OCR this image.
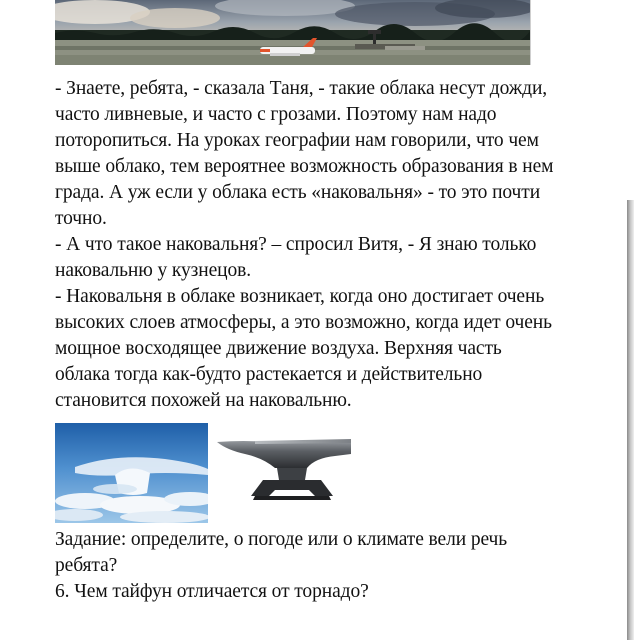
- Знаете, ребята, - сказала Таня, - такие облака несут дожди,
часто ливневые, и часто с грозами. Поэтому нам надо
поторопиться. На уроках географии нам говорили, что чем
выше облако, тем вероятнее возможность образования в нем
града. А уж если у облака есть «наковальня» - то это почти
точно.

- А что такое наковальня? – спросил Витя, - Я знаю только
наковальню у кузнецов.

- Наковальня в облаке возникает, когда оно достигает очень
высоких слоев атмосферы, а это возможно, когда идет очень
мощное восходящее движение воздуха. Верхняя часть
облака тогда как-будто растекается и действительно
становится похожей на наковальню.

Задание: определите, о погоде или о климате вели речь
ребята?
6. Чем тайфун отличается от торнадо?
